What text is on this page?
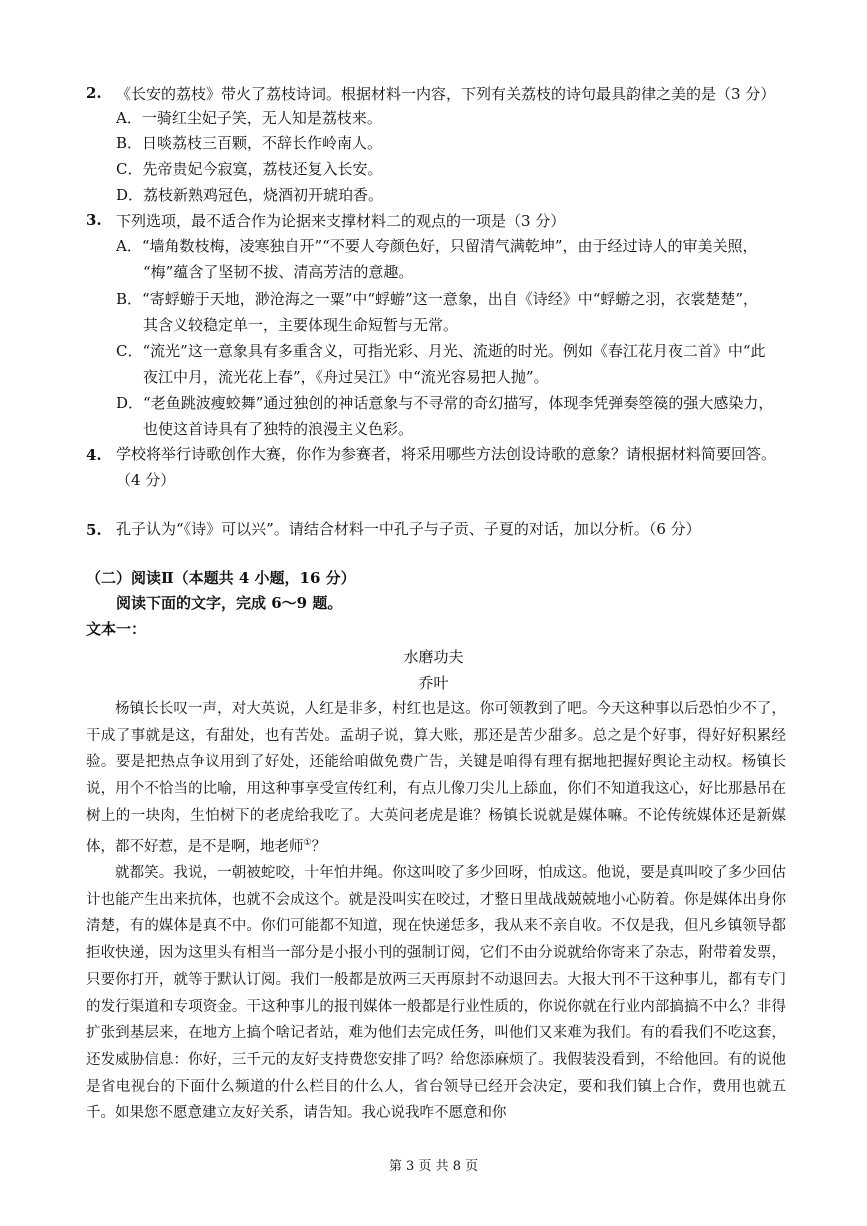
2. 《长安的荔枝》带火了荔枝诗词。根据材料一内容，下列有关荔枝的诗句最具韵律之美的是（3 分）
A．一骑红尘妃子笑，无人知是荔枝来。
B．日啖荔枝三百颗，不辞长作岭南人。
C．先帝贵妃今寂寞，荔枝还复入长安。
D．荔枝新熟鸡冠色，烧酒初开琥珀香。
3. 下列选项，最不适合作为论据来支撑材料二的观点的一项是（3 分）
A．“墙角数枝梅，凌寒独自开”“不要人夸颜色好，只留清气满乾坤”，由于经过诗人的审美关照，
“梅”蕴含了坚韧不拔、清高芳洁的意趣。
B．“寄蜉蝣于天地，渺沧海之一粟”中“蜉蝣”这一意象，出自《诗经》中“蜉蝣之羽，衣裳楚楚”，
其含义较稳定单一，主要体现生命短暂与无常。
C．“流光”这一意象具有多重含义，可指光彩、月光、流逝的时光。例如《春江花月夜二首》中“此
夜江中月，流光花上春”，《舟过吴江》中“流光容易把人抛”。
D．“老鱼跳波瘦蛟舞”通过独创的神话意象与不寻常的奇幻描写，体现李凭弹奏箜篌的强大感染力，
也使这首诗具有了独特的浪漫主义色彩。
4. 学校将举行诗歌创作大赛，你作为参赛者，将采用哪些方法创设诗歌的意象？请根据材料简要回答。
（4 分）
5. 孔子认为“《诗》可以兴”。请结合材料一中孔子与子贡、子夏的对话，加以分析。（6 分）
（二）阅读Ⅱ（本题共 4 小题，16 分）
阅读下面的文字，完成 6～9 题。
文本一：
水磨功夫
乔叶

杨镇长长叹一声，对大英说，人红是非多，村红也是这。你可领教到了吧。今天这种事以后恐怕少不了，干成了事就是这，有甜处，也有苦处。孟胡子说，算大账，那还是苦少甜多。总之是个好事，得好好积累经验。要是把热点争议用到了好处，还能给咱做免费广告，关键是咱得有理有据地把握好舆论主动权。杨镇长说，用个不恰当的比喻，用这种事享受宣传红利，有点儿像刀尖儿上舔血，你们不知道我这心，好比那悬吊在树上的一块肉，生怕树下的老虎给我吃了。大英问老虎是谁？杨镇长说就是媒体嘛。不论传统媒体还是新媒体，都不好惹，是不是啊，地老师①？

就都笑。我说，一朝被蛇咬，十年怕井绳。你这叫咬了多少回呀，怕成这。他说，要是真叫咬了多少回估计也能产生出来抗体，也就不会成这个。就是没叫实在咬过，才整日里战战兢兢地小心防着。你是媒体出身你清楚，有的媒体是真不中。你们可能都不知道，现在快递恁多，我从来不亲自收。不仅是我，但凡乡镇领导都拒收快递，因为这里头有相当一部分是小报小刊的强制订阅，它们不由分说就给你寄来了杂志，附带着发票，只要你打开，就等于默认订阅。我们一般都是放两三天再原封不动退回去。大报大刊不干这种事儿，都有专门的发行渠道和专项资金。干这种事儿的报刊媒体一般都是行业性质的，你说你就在行业内部搞搞不中么？非得扩张到基层来，在地方上搞个啥记者站，难为他们去完成任务，叫他们又来难为我们。有的看我们不吃这套，还发威胁信息：你好，三千元的友好支持费您安排了吗？给您添麻烦了。我假装没看到，不给他回。有的说他是省电视台的下面什么频道的什么栏目的什么人，省台领导已经开会决定，要和我们镇上合作，费用也就五千。如果您不愿意建立友好关系，请告知。我心说我咋不愿意和你

第 3 页 共 8 页
